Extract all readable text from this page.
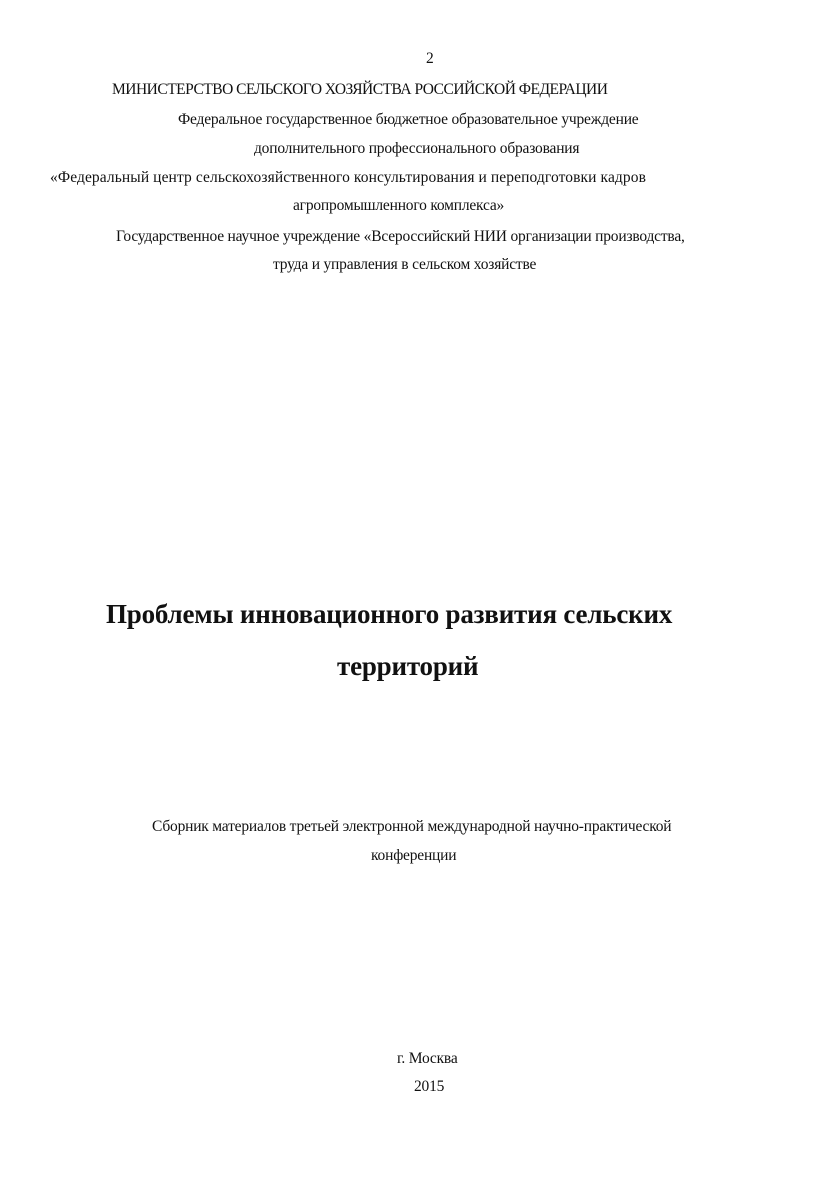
2
МИНИСТЕРСТВО СЕЛЬСКОГО ХОЗЯЙСТВА РОССИЙСКОЙ ФЕДЕРАЦИИ
Федеральное государственное бюджетное образовательное учреждение
дополнительного профессионального образования
«Федеральный центр сельскохозяйственного консультирования и переподготовки кадров
агропромышленного комплекса»
Государственное научное учреждение «Всероссийский НИИ организации производства,
труда и управления в сельском хозяйстве
Проблемы инновационного развития сельских
территорий
Сборник материалов третьей электронной международной научно-практической
конференции
г. Москва
2015
